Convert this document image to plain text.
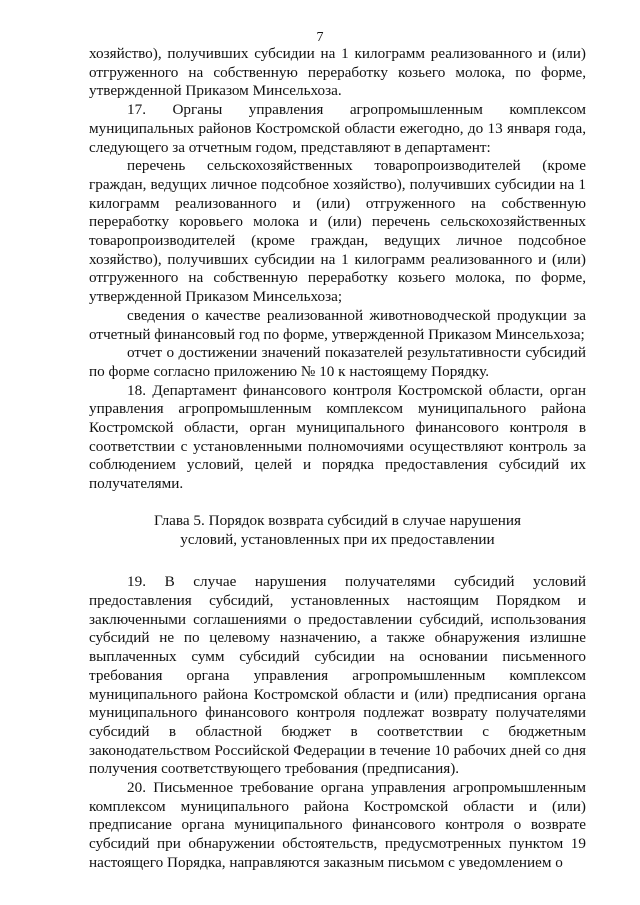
7

хозяйство), получивших субсидии на 1 килограмм реализованного и (или) отгруженного на собственную переработку козьего молока, по форме, утвержденной Приказом Минсельхоза.

17. Органы управления агропромышленным комплексом муниципальных районов Костромской области ежегодно, до 13 января года, следующего за отчетным годом, представляют в департамент:

перечень сельскохозяйственных товаропроизводителей (кроме граждан, ведущих личное подсобное хозяйство), получивших субсидии на 1 килограмм реализованного и (или) отгруженного на собственную переработку коровьего молока и (или) перечень сельскохозяйственных товаропроизводителей (кроме граждан, ведущих личное подсобное хозяйство), получивших субсидии на 1 килограмм реализованного и (или) отгруженного на собственную переработку козьего молока, по форме, утвержденной Приказом Минсельхоза;

сведения о качестве реализованной животноводческой продукции за отчетный финансовый год по форме, утвержденной Приказом Минсельхоза;

отчет о достижении значений показателей результативности субсидий по форме согласно приложению № 10 к настоящему Порядку.

18. Департамент финансового контроля Костромской области, орган управления агропромышленным комплексом муниципального района Костромской области, орган муниципального финансового контроля в соответствии с установленными полномочиями осуществляют контроль за соблюдением условий, целей и порядка предоставления субсидий их получателями.

Глава 5. Порядок возврата субсидий в случае нарушения
условий, установленных при их предоставлении

19. В случае нарушения получателями субсидий условий предоставления субсидий, установленных настоящим Порядком и заключенными соглашениями о предоставлении субсидий, использования субсидий не по целевому назначению, а также обнаружения излишне выплаченных сумм субсидий субсидии на основании письменного требования органа управления агропромышленным комплексом муниципального района Костромской области и (или) предписания органа муниципального финансового контроля подлежат возврату получателями субсидий в областной бюджет в соответствии с бюджетным законодательством Российской Федерации в течение 10 рабочих дней со дня получения соответствующего требования (предписания).

20. Письменное требование органа управления агропромышленным комплексом муниципального района Костромской области и (или) предписание органа муниципального финансового контроля о возврате субсидий при обнаружении обстоятельств, предусмотренных пунктом 19 настоящего Порядка, направляются заказным письмом с уведомлением о
